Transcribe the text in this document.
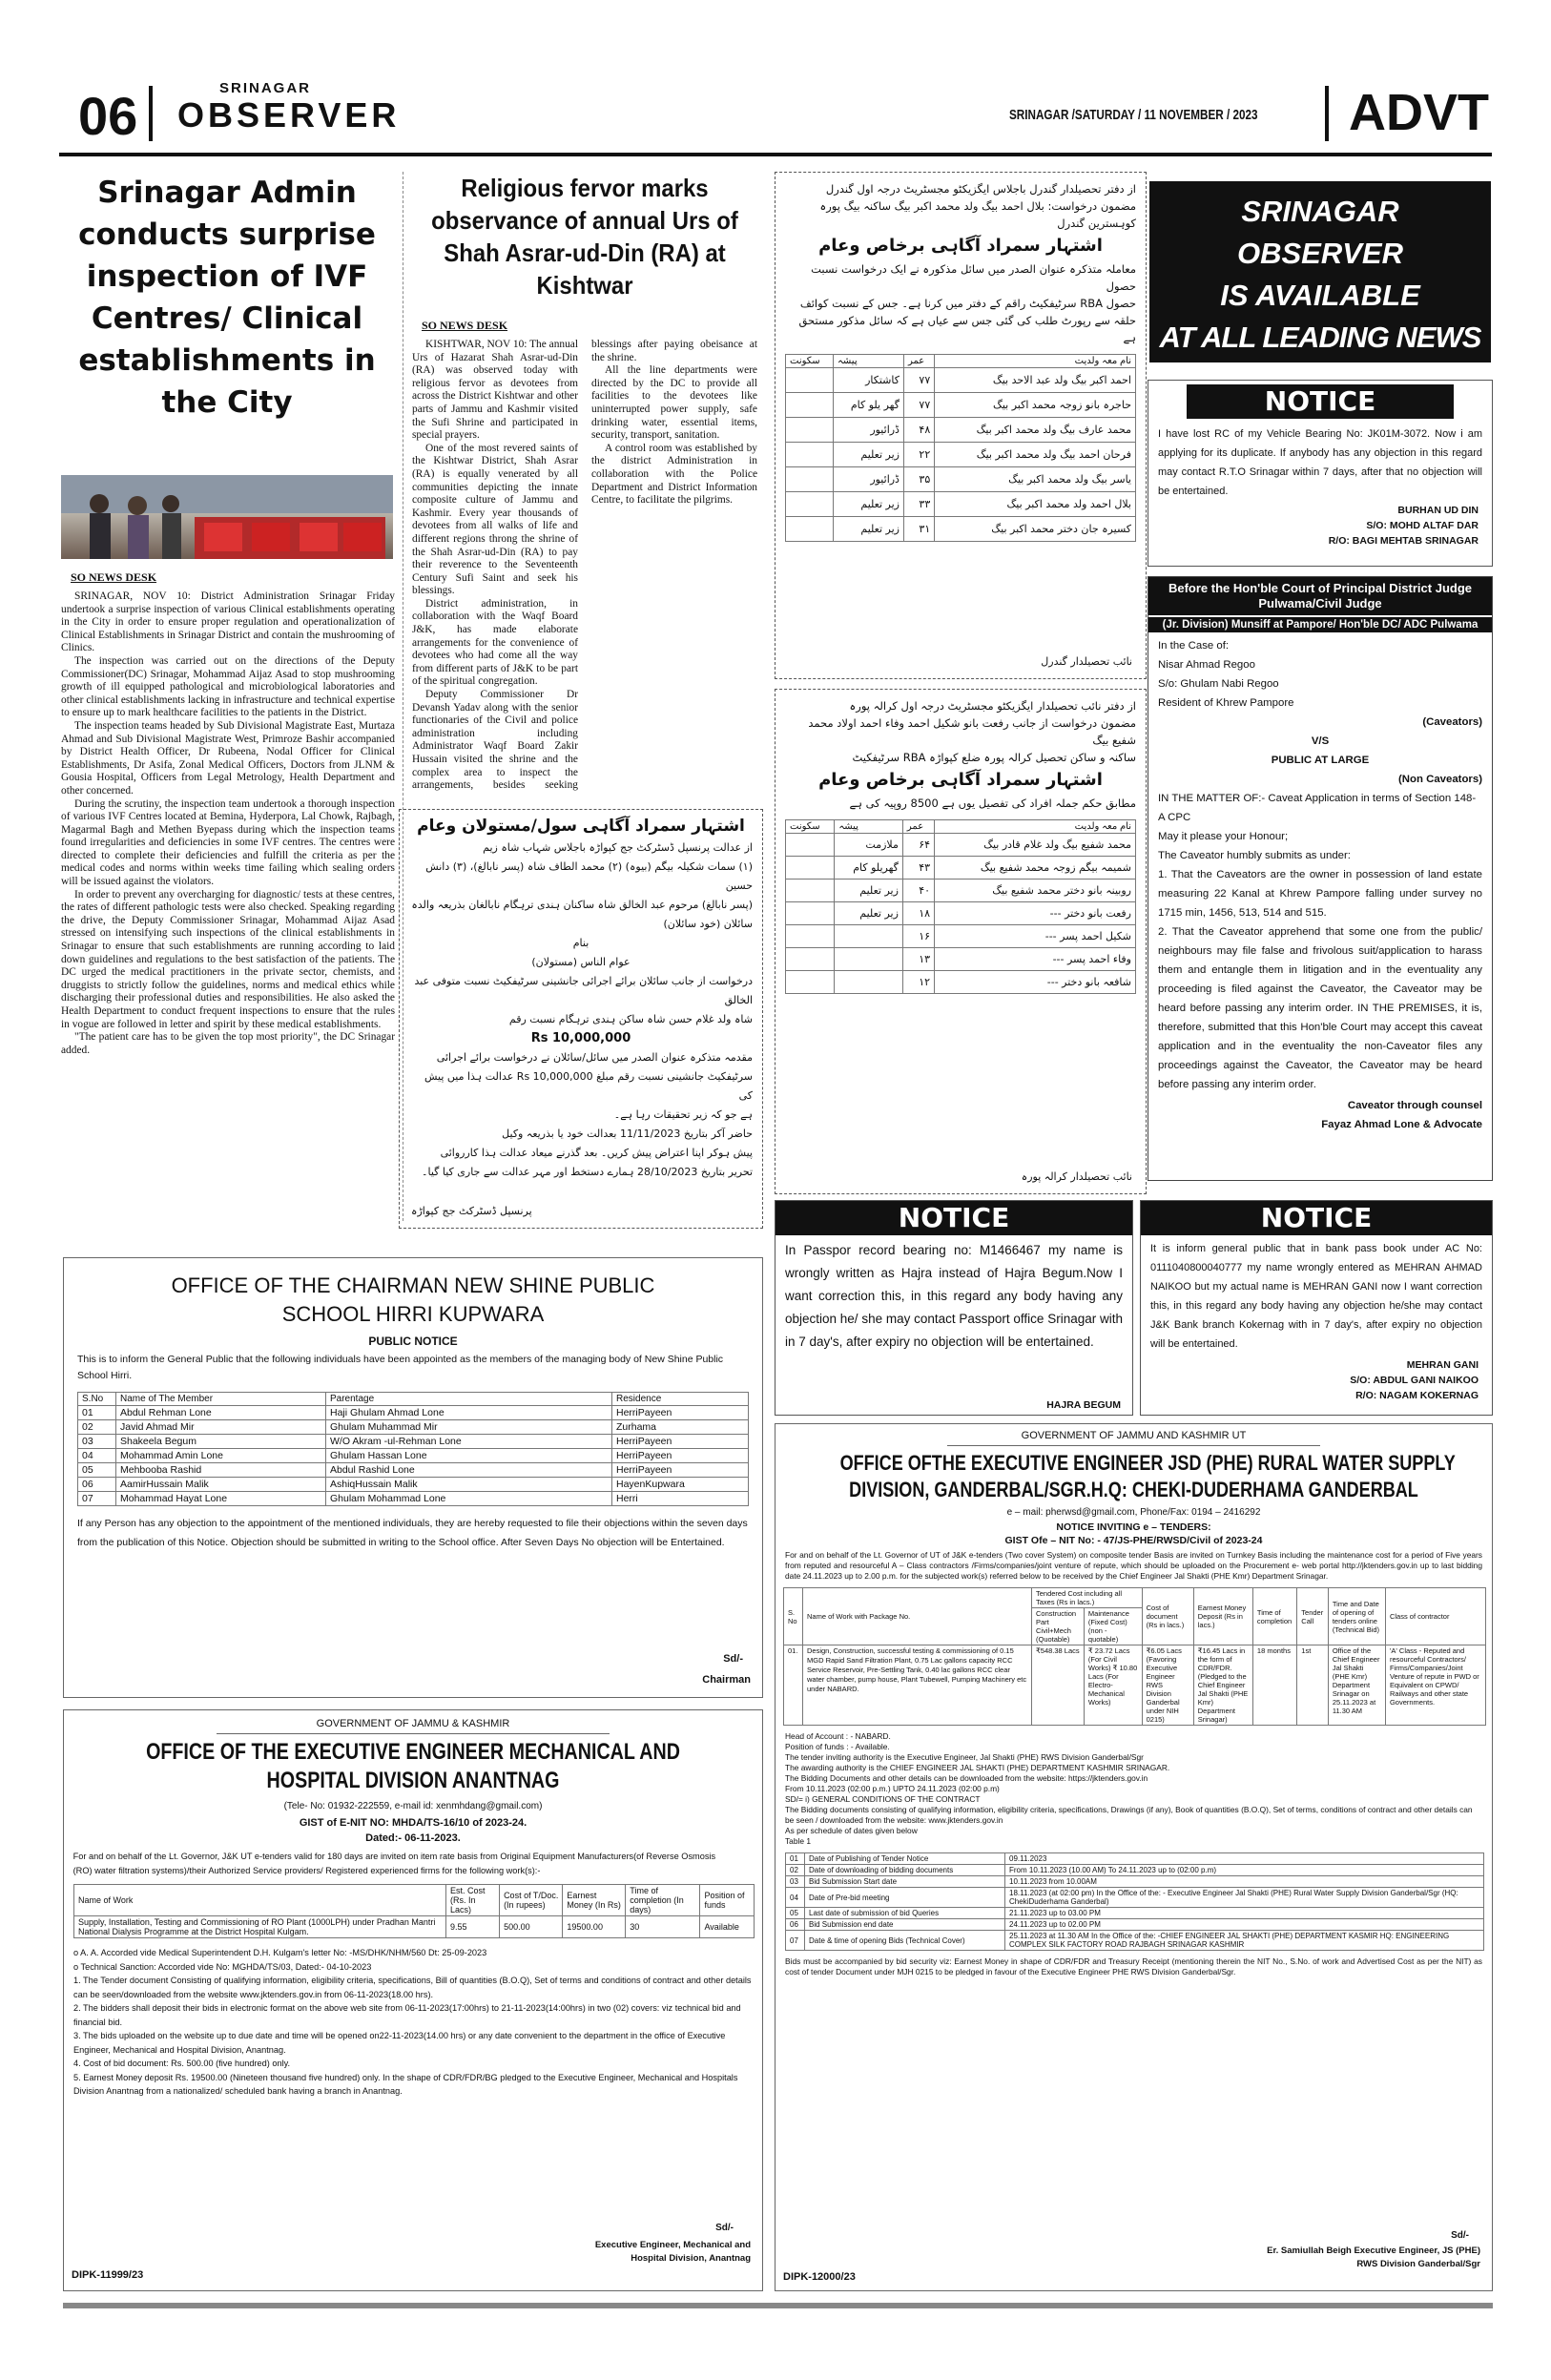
06	SRINAGAR
OBSERVER	SRINAGAR /SATURDAY / 11 NOVEMBER / 2023 ADVT
Srinagar Admin conducts surprise inspection of IVF Centres/ Clinical establishments in the City
SO NEWS DESK

SRINAGAR, NOV 10: District Administration Srinagar Friday undertook a surprise inspection of various Clinical establishments operating in the City in order to ensure proper regulation and operationalization of Clinical Establishments in Srinagar District and contain the mushrooming of Clinics.

The inspection was carried out on the directions of the Deputy Commissioner(DC) Srinagar, Mohammad Aijaz Asad to stop mushrooming growth of ill equipped pathological and microbiological laboratories and other clinical establishments lacking in infrastructure and technical expertise to ensure up to mark healthcare facilities to the patients in the District.

The inspection teams headed by Sub Divisional Magistrate East, Murtaza Ahmad and Sub Divisional Magistrate West, Primroze Bashir accompanied by District Health Officer, Dr Rubeena, Nodal Officer for Clinical Establishments, Dr Asifa, Zonal Medical Officers, Doctors from JLNM & Gousia Hospital, Officers from Legal Metrology, Health Department and other concerned.

During the scrutiny, the inspection team undertook a thorough inspection of various IVF Centres located at Bemina, Hyderpora, Lal Chowk, Rajbagh, Magarmal Bagh and Methen Byepass during which the inspection teams found irregularities and deficiencies in some IVF centres. The centres were directed to complete their deficiencies and fulfill the criteria as per the medical codes and norms within weeks time failing which sealing orders will be issued against the violators.

In order to prevent any overcharging for diagnostic/ tests at these centres, the rates of different pathologic tests were also checked. Speaking regarding the drive, the Deputy Commissioner Srinagar, Mohammad Aijaz Asad stressed on intensifying such inspections of the clinical establishments in Srinagar to ensure that such establishments are running according to laid down guidelines and regulations to the best satisfaction of the patients. The DC urged the medical practitioners in the private sector, chemists, and druggists to strictly follow the guidelines, norms and medical ethics while discharging their professional duties and responsibilities. He also asked the Health Department to conduct frequent inspections to ensure that the rules in vogue are followed in letter and spirit by these medical establishments.

"The patient care has to be given the top most priority", the DC Srinagar added.

Religious fervor marks observance of annual Urs of Shah Asrar-ud-Din (RA) at Kishtwar
SO NEWS DESK

KISHTWAR, NOV 10: The annual Urs of Hazarat Shah Asrar-ud-Din (RA) was observed today with religious fervor as devotees from across the District Kishtwar and other parts of Jammu and Kashmir visited the Sufi Shrine and participated in special prayers.

One of the most revered saints of the Kishtwar District, Shah Asrar (RA) is equally venerated by all communities depicting the innate composite culture of Jammu and Kashmir. Every year thousands of devotees from all walks of life and different regions throng the shrine of the Shah Asrar-ud-Din (RA) to pay their reverence to the Seventeenth Century Sufi Saint and seek his blessings.

District administration, in collaboration with the Waqf Board J&K, has made elaborate arrangements for the convenience of devotees who had come all the way from different parts of J&K to be part of the spiritual congregation.

Deputy Commissioner Dr Devansh Yadav along with the senior functionaries of the Civil and police administration including Administrator Waqf Board Zakir Hussain visited the shrine and the complex area to inspect the arrangements, besides seeking blessings after paying obeisance at the shrine.

All the line departments were directed by the DC to provide all facilities to the devotees like uninterrupted power supply, safe drinking water, essential items, security, transport, sanitation.

A control room was established by the district Administration in collaboration with the Police Department and District Information Centre, to facilitate the pilgrims.

اشتہار سمراد آگاہی سول/مستولان وعام
از عدالت پرنسپل ڈسٹرکٹ جج کپواڑہ باجلاس شہاب شاہ زیم
(۱) سمات شکیلہ بیگم (بیوہ) (۲) محمد الطاف شاہ (پسر نابالغ)، (۳) دانش حسین
(پسر نابالغ) مرحوم عبد الخالق شاہ ساکنان ہندی ترہگام نابالغان بذریعہ والدہ
سائلان (خود سائلان)
بنام
عوام الناس (مستولان)
درخواست از جانب سائلان برائے اجرائی جانشینی سرٹیفکیٹ نسبت متوفی عبد الخالق
شاہ ولد غلام حسن شاہ ساکن ہندی ترہگام نسبت رقم
Rs 10,000,000
مقدمہ متذکرہ عنوان الصدر میں سائل/سائلان نے درخواست برائے اجرائی
سرٹیفکیٹ جانشینی نسبت رقم مبلغ Rs 10,000,000 عدالت ہذا میں پیش کی
ہے جو کہ زیر تحقیقات رہا ہے۔
حاضر آکر بتاریخ 11/11/2023 بعدالت خود یا بذریعہ وکیل
پیش ہوکر اپنا اعتراض پیش کریں۔ بعد گذرنے میعاد عدالت ہذا کارروائی
تحریر بتاریخ 28/10/2023 ہمارے دستخط اور مہر عدالت سے جاری کیا گیا۔
پرنسپل ڈسٹرکٹ جج کپواڑہ
از دفتر تحصیلدار گندرل باجلاس ایگزیکٹو مجسٹریٹ درجہ اول گندرل
مضمون درخواست: بلال احمد بیگ ولد محمد اکبر بیگ ساکنہ بیگ پورہ کوہسترین گندرل
اشتہار سمراد آگاہی برخاص وعام
معاملہ متذکرہ عنوان الصدر میں سائل مذکورہ نے ایک درخواست نسبت حصول
حصول RBA سرٹیفکیٹ راقم کے دفتر میں کرنا ہے۔ جس کے نسبت کوائف
حلقہ سے رپورٹ طلب کی گئی جس سے عیاں ہے کہ سائل مذکور مستحق ہے
نام معہ ولدیت	عمر	پیشہ	سکونت
احمد اکبر بیگ ولد عبد الاحد بیگ	۷۷	کاشتکار	
حاجرہ بانو زوجہ محمد اکبر بیگ	۷۷	گھر یلو کام	
محمد عارف بیگ ولد محمد اکبر بیگ	۴۸	ڈرائیور	
فرحان احمد بیگ ولد محمد اکبر بیگ	۲۲	زیر تعلیم	
یاسر بیگ ولد محمد اکبر بیگ	۳۵	ڈرائیور	
بلال احمد ولد محمد اکبر بیگ	۳۳	زیر تعلیم	
کسیرہ جان دختر محمد اکبر بیگ	۳۱	زیر تعلیم	
نائب تحصیلدار گندرل
از دفتر نائب تحصیلدار ایگزیکٹو مجسٹریٹ درجہ اول کرالہ پورہ
مضمون درخواست از جانب رفعت بانو شکیل احمد وفاء احمد اولاد محمد شفیع بیگ
ساکنہ و ساکن تحصیل کرالہ پورہ ضلع کپواڑہ RBA سرٹیفکیٹ
اشتہار سمراد آگاہی برخاص وعام
مطابق حکم جملہ افراد کی تفصیل یوں ہے 8500 روپیہ کی ہے
نام معہ ولدیت	عمر	پیشہ	سکونت
محمد شفیع بیگ ولد غلام قادر بیگ	۶۴	ملازمت	
شمیمہ بیگم زوجہ محمد شفیع بیگ	۴۳	گھریلو کام	
روبینہ بانو دختر محمد شفیع بیگ	۴۰	زیر تعلیم	
رفعت بانو دختر ---	۱۸	زیر تعلیم	
شکیل احمد پسر ---	۱۶		
وفاء احمد پسر ---	۱۳		
شافعہ بانو دختر ---	۱۲		
نائب تحصیلدار کرالہ پورہ
SRINAGAR OBSERVER
IS AVAILABLE
AT ALL LEADING NEWS
NOTICE
I have lost RC of my Vehicle Bearing No: JK01M-3072. Now i am applying for its duplicate. If anybody has any objection in this regard may contact R.T.O Srinagar within 7 days, after that no objection will be entertained.
BURHAN UD DIN
S/O: MOHD ALTAF DAR
R/O: BAGI MEHTAB SRINAGAR
Before the Hon'ble Court of Principal District Judge Pulwama/Civil Judge
(Jr. Division) Munsiff at Pampore/ Hon'ble DC/ ADC Pulwama
In the Case of:
Nisar Ahmad Regoo
S/o: Ghulam Nabi Regoo
Resident of Khrew Pampore
(Caveators)
V/S
PUBLIC AT LARGE
(Non Caveators)
IN THE MATTER OF:- Caveat Application in terms of Section 148-A CPC
May it please your Honour;
The Caveator humbly submits as under:
1. That the Caveators are the owner in possession of land estate measuring 22 Kanal at Khrew Pampore falling under survey no 1715 min, 1456, 513, 514 and 515.
2. That the Caveator apprehend that some one from the public/ neighbours may file false and frivolous suit/application to harass them and entangle them in litigation and in the eventuality any proceeding is filed against the Caveator, the Caveator may be heard before passing any interim order. IN THE PREMISES, it is, therefore, submitted that this Hon'ble Court may accept this caveat application and in the eventuality the non-Caveator files any proceedings against the Caveator, the Caveator may be heard before passing any interim order.
Caveator through counsel
Fayaz Ahmad Lone & Advocate
NOTICE
In Passpor record bearing no: M1466467 my name is wrongly written as Hajra instead of Hajra Begum.Now I want correction this, in this regard any body having any objection he/ she may contact Passport office Srinagar with in 7 day's, after expiry no objection will be entertained.
HAJRA BEGUM
NOTICE
It is inform general public that in bank pass book under AC No: 0111040800040777 my name wrongly entered as MEHRAN AHMAD NAIKOO but my actual name is MEHRAN GANI now I want correction this, in this regard any body having any objection he/she may contact J&K Bank branch Kokernag with in 7 day's, after expiry no objection will be entertained.
MEHRAN GANI
S/O: ABDUL GANI NAIKOO
R/O: NAGAM KOKERNAG
OFFICE OF THE CHAIRMAN NEW SHINE PUBLIC
SCHOOL HIRRI KUPWARA
PUBLIC NOTICE
This is to inform the General Public that the following individuals have been appointed as the members of the managing body of New Shine Public School Hirri.
S.No	Name of The Member	Parentage	Residence
01	Abdul Rehman Lone	Haji Ghulam Ahmad Lone	HerriPayeen
02	Javid Ahmad Mir	Ghulam Muhammad Mir	Zurhama
03	Shakeela Begum	W/O Akram -ul-Rehman Lone	HerriPayeen
04	Mohammad Amin Lone	Ghulam Hassan Lone	HerriPayeen
05	Mehbooba Rashid	Abdul Rashid Lone	HerriPayeen
06	AamirHussain Malik	AshiqHussain Malik	HayenKupwara
07	Mohammad Hayat Lone	Ghulam Mohammad Lone	Herri
If any Person has any objection to the appointment of the mentioned individuals, they are hereby requested to file their objections within the seven days from the publication of this Notice. Objection should be submitted in writing to the School office. After Seven Days No objection will be Entertained.
Sd/-
Chairman
GOVERNMENT OF JAMMU & KASHMIR
OFFICE OF THE EXECUTIVE ENGINEER MECHANICAL AND
HOSPITAL DIVISION ANANTNAG
(Tele- No: 01932-222559, e-mail id: xenmhdang@gmail.com)
GIST of E-NIT NO: MHDA/TS-16/10 of 2023-24.
Dated:- 06-11-2023.
For and on behalf of the Lt. Governor, J&K UT e-tenders valid for 180 days are invited on item rate basis from Original Equipment Manufacturers(of Reverse Osmosis (RO) water filtration systems)/their Authorized Service providers/ Registered experienced firms for the following work(s):-
Name of Work	Est. Cost (Rs. In Lacs)	Cost of T/Doc. (In rupees)	Earnest Money (In Rs)	Time of completion (In days)	Position of funds
Supply, Installation, Testing and Commissioning of RO Plant (1000LPH) under Pradhan Mantri National Dialysis Programme at the District Hospital Kulgam.	9.55	500.00	19500.00	30	Available
o A. A. Accorded vide Medical Superintendent D.H. Kulgam's letter No: -MS/DHK/NHM/560 Dt: 25-09-2023
o Technical Sanction: Accorded vide No: MGHDA/TS/03, Dated:- 04-10-2023
1. The Tender document Consisting of qualifying information, eligibility criteria, specifications, Bill of quantities (B.O.Q), Set of terms and conditions of contract and other details can be seen/downloaded from the website www.jktenders.gov.in from 06-11-2023(18.00 hrs).
2. The bidders shall deposit their bids in electronic format on the above web site from 06-11-2023(17:00hrs) to 21-11-2023(14:00hrs) in two (02) covers: viz technical bid and financial bid.
3. The bids uploaded on the website up to due date and time will be opened on22-11-2023(14.00 hrs) or any date convenient to the department in the office of Executive Engineer, Mechanical and Hospital Division, Anantnag.
4. Cost of bid document: Rs. 500.00 (five hundred) only.
5. Earnest Money deposit Rs. 19500.00 (Nineteen thousand five hundred) only. In the shape of CDR/FDR/BG pledged to the Executive Engineer, Mechanical and Hospitals Division Anantnag from a nationalized/ scheduled bank having a branch in Anantnag.
Sd/-
Executive Engineer, Mechanical and
Hospital Division, Anantnag
DIPK-11999/23
GOVERNMENT OF JAMMU AND KASHMIR UT
OFFICE OFTHE EXECUTIVE ENGINEER JSD (PHE) RURAL WATER SUPPLY
DIVISION, GANDERBAL/SGR.H.Q: CHEKI-DUDERHAMA GANDERBAL
e – mail: pherwsd@gmail.com, Phone/Fax: 0194 – 2416292
NOTICE INVITING e – TENDERS:
GIST Ofe – NIT No: - 47/JS-PHE/RWSD/Civil of 2023-24
For and on behalf of the Lt. Governor of UT of J&K e-tenders (Two cover System) on composite tender Basis are invited on Turnkey Basis including the maintenance cost for a period of Five years from reputed and resourceful A – Class contractors /Firms/companies/joint venture of repute, which should be uploaded on the Procurement e- web portal http://jktenders.gov.in up to last bidding date 24.11.2023 up to 2.00 p.m. for the subjected work(s) referred below to be received by the Chief Engineer Jal Shakti (PHE Kmr) Department Srinagar.
S. No	Name of Work with Package No.	Tendered Cost including all Taxes (Rs in lacs.)		Cost of document (Rs in lacs.)	Earnest Money Deposit (Rs in lacs.)	Time of completion	Tender Call	Time and Date of opening of tenders online (Technical Bid)	Class of contractor
		Construction Part Civil+Mech (Quotable)	Maintenance (Fixed Cost) (non - quotable)						
01.	Design, Construction, successful testing & commissioning of 0.15 MGD Rapid Sand Filtration Plant, 0.75 Lac gallons capacity RCC Service Reservoir, Pre-Settling Tank, 0.40 lac gallons RCC clear water chamber, pump house, Plant Tubewell, Pumping Machinery etc under NABARD.	₹548.38 Lacs	₹ 23.72 Lacs (For Civil Works) ₹ 10.80 Lacs (For Electro-Mechanical Works)	₹6.05 Lacs (Favoring Executive Engineer RWS Division Ganderbal under NIH 0215)	₹16.45 Lacs in the form of CDR/FDR. (Pledged to the Chief Engineer Jal Shakti (PHE Kmr) Department Srinagar)	18 months	1st	Office of the Chief Engineer Jal Shakti (PHE Kmr) Department Srinagar on 25.11.2023 at 11.30 AM	'A' Class - Reputed and resourceful Contractors/ Firms/Companies/Joint Venture of repute in PWD or Equivalent on CPWD/ Railways and other state Governments.
Head of Account : - NABARD.
Position of funds : - Available.
The tender inviting authority is the Executive Engineer, Jal Shakti (PHE) RWS Division Ganderbal/Sgr
The awarding authority is the CHIEF ENGINEER JAL SHAKTI (PHE) DEPARTMENT KASHMIR SRINAGAR.
The Bidding Documents and other details can be downloaded from the website: https://jktenders.gov.in
From 10.11.2023 (02:00 p.m.) UPTO 24.11.2023 (02:00 p.m)
SD/= i) GENERAL CONDITIONS OF THE CONTRACT
The Bidding documents consisting of qualifying information, eligibility criteria, specifications, Drawings (if any), Book of quantities (B.O.Q), Set of terms, conditions of contract and other details can be seen / downloaded from the website: www.jktenders.gov.in
As per schedule of dates given below
Table 1
01	Date of Publishing of Tender Notice	09.11.2023
02	Date of downloading of bidding documents	From 10.11.2023 (10.00 AM) To 24.11.2023 up to (02:00 p.m)
03	Bid Submission Start date	10.11.2023 from 10.00AM
04	Date of Pre-bid meeting	18.11.2023 (at 02:00 pm) In the Office of the: - Executive Engineer Jal Shakti (PHE) Rural Water Supply Division Ganderbal/Sgr (HQ: ChekiDuderhama Ganderbal)
05	Last date of submission of bid Queries	21.11.2023 up to 03.00 PM
06	Bid Submission end date	24.11.2023 up to 02.00 PM
07	Date & time of opening Bids (Technical Cover)	25.11.2023 at 11.30 AM In the Office of the: -CHIEF ENGINEER JAL SHAKTI (PHE) DEPARTMENT KASMIR HQ: ENGINEERING COMPLEX SILK FACTORY ROAD RAJBAGH SRINAGAR KASHMIR
Bids must be accompanied by bid security viz: Earnest Money in shape of CDR/FDR and Treasury Receipt (mentioning therein the NIT No., S.No. of work and Advertised Cost as per the NIT) as cost of tender Document under MJH 0215 to be pledged in favour of the Executive Engineer PHE RWS Division Ganderbal/Sgr.
Sd/-
Er. Samiullah Beigh Executive Engineer, JS (PHE)
RWS Division Ganderbal/Sgr
DIPK-12000/23
